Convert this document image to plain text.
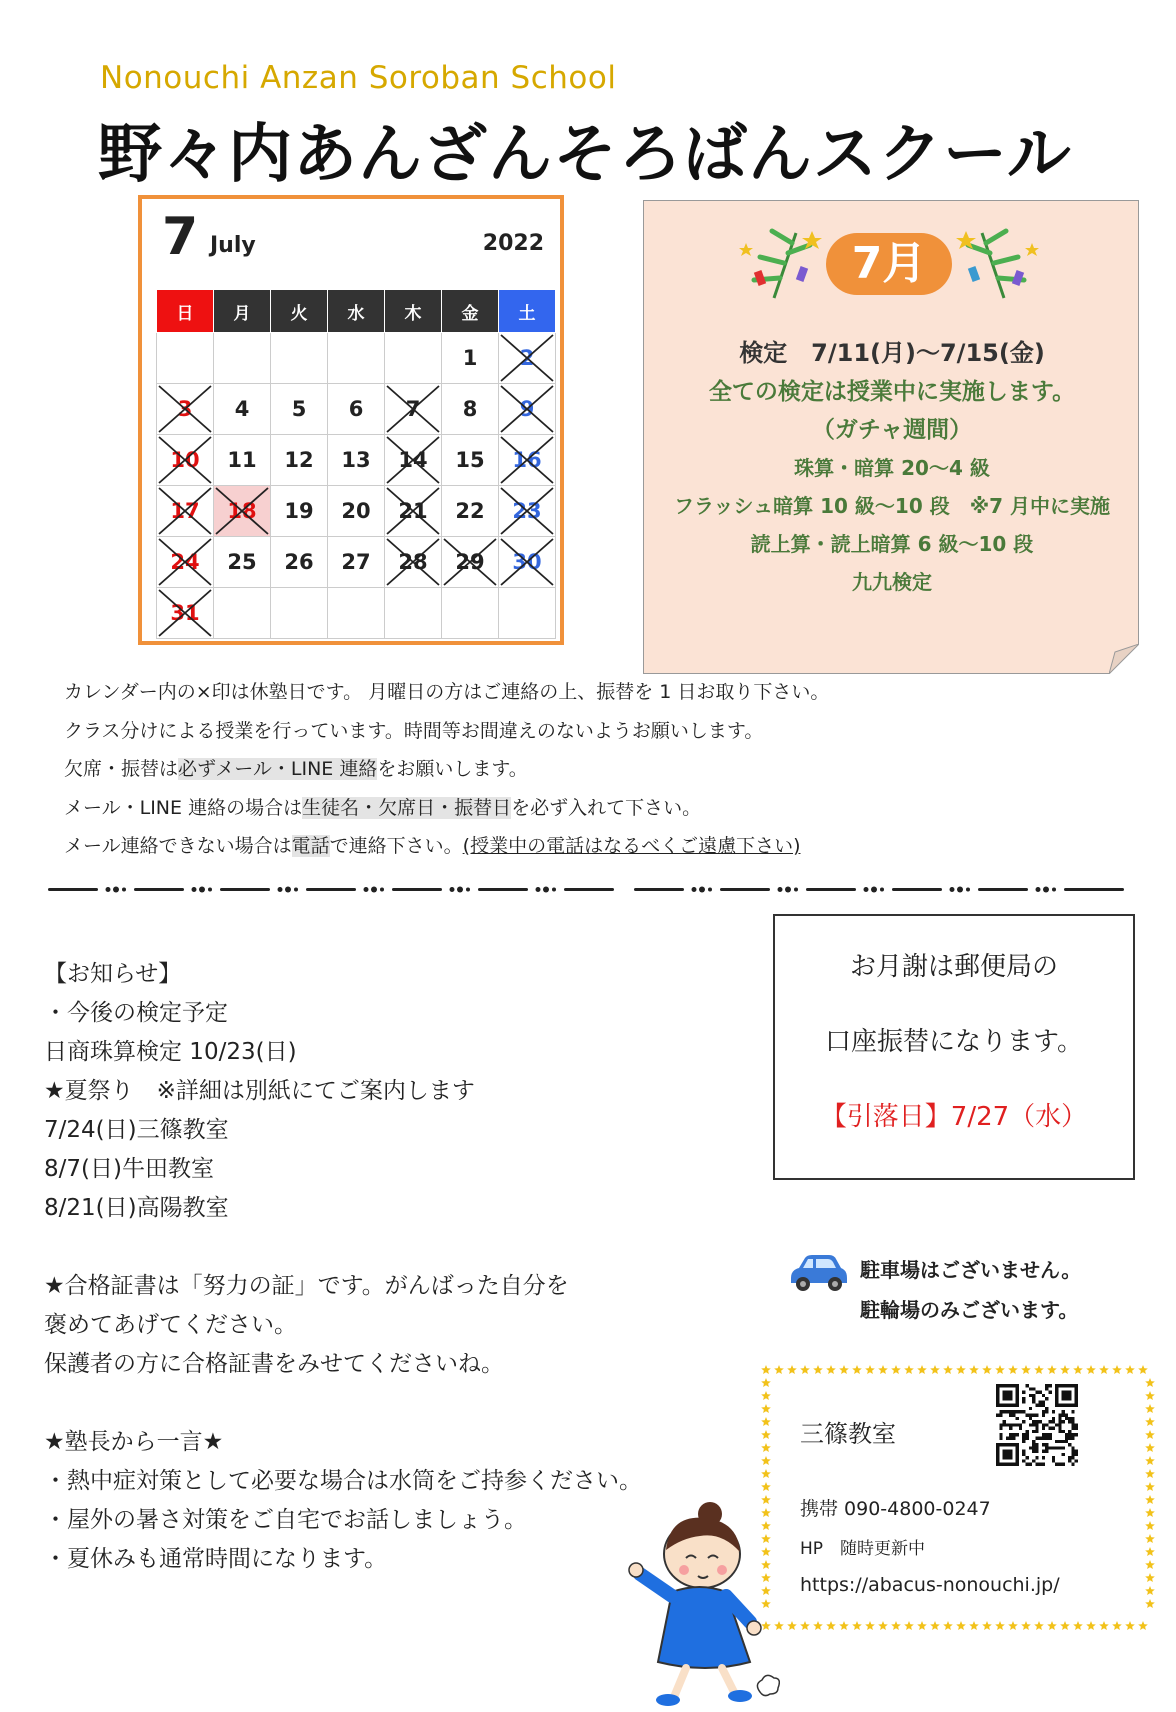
Nonouchi Anzan Soroban School
野々内あんざんそろばんスクール
7 July	2022
日	月	火	水	木	金	土
					1	2

3	4	5	6	7	8	9

10	11	12	13	14	15	16

17	18	19	20	21	22	23

24	25	26	27	28	29	30

31

7月
検定　7/11(月)～7/15(金)
全ての検定は授業中に実施します。
（ガチャ週間）
珠算・暗算 20～4 級
フラッシュ暗算 10 級～10 段　※7 月中に実施
読上算・読上暗算 6 級～10 段
九九検定
カレンダー内の×印は休塾日です。 月曜日の方はご連絡の上、振替を 1 日お取り下さい。
クラス分けによる授業を行っています。時間等お間違えのないようお願いします。
欠席・振替は必ずメール・LINE 連絡をお願いします。
メール・LINE 連絡の場合は生徒名・欠席日・振替日を必ず入れて下さい。
メール連絡できない場合は電話で連絡下さい。(授業中の電話はなるべくご遠慮下さい)
【お知らせ】
・今後の検定予定
日商珠算検定 10/23(日)
★夏祭り　※詳細は別紙にてご案内します
7/24(日)三篠教室
8/7(日)牛田教室
8/21(日)高陽教室
★合格証書は「努力の証」です。がんばった自分を
褒めてあげてください。
保護者の方に合格証書をみせてくださいね。
★塾長から一言★
・熱中症対策として必要な場合は水筒をご持参ください。
・屋外の暑さ対策をご自宅でお話しましょう。
・夏休みも通常時間になります。
お月謝は郵便局の
口座振替になります。
【引落日】7/27（水）
駐車場はございません。
駐輪場のみございます。
三篠教室
携帯 090-4800-0247
HP　随時更新中
https://abacus-nonouchi.jp/
